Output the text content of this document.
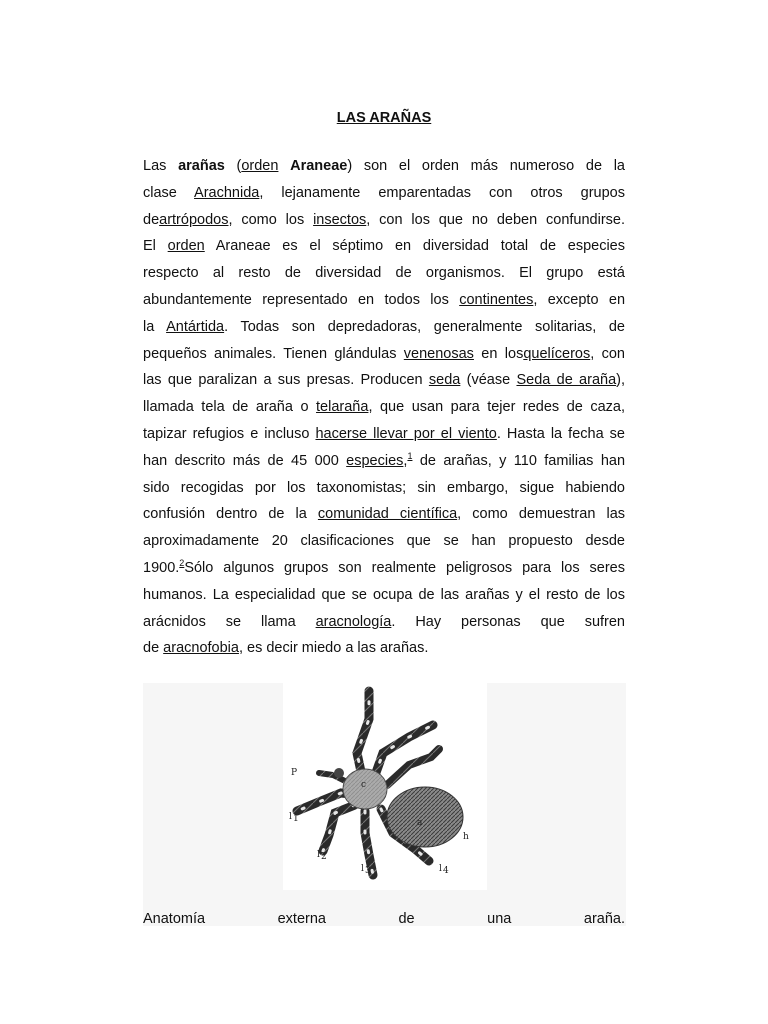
LAS ARAÑAS
Las arañas (orden Araneae) son el orden más numeroso de la
clase Arachnida, lejanamente emparentadas con otros grupos
deartrópodos, como los insectos, con los que no deben confundirse.
El orden Araneae es el séptimo en diversidad total de especies
respecto al resto de diversidad de organismos. El grupo está
abundantemente representado en todos los continentes, excepto en
la Antártida. Todas son depredadoras, generalmente solitarias, de
pequeños animales. Tienen glándulas venenosas en losquelíceros, con
las que paralizan a sus presas. Producen seda (véase Seda de araña),
llamada tela de araña o telaraña, que usan para tejer redes de caza,
tapizar refugios e incluso hacerse llevar por el viento. Hasta la fecha se
han descrito más de 45 000 especies,$^1$ de arañas, y 110 familias han
sido recogidas por los taxonomistas; sin embargo, sigue habiendo
confusión dentro de la comunidad científica, como demuestran las
aproximadamente 20 clasificaciones que se han propuesto desde
1900.$^2$Sólo algunos grupos son realmente peligrosos para los seres
humanos. La especialidad que se ocupa de las arañas y el resto de los
arácnidos se llama aracnología. Hay personas que sufren
de aracnofobia, es decir miedo a las arañas.
P
c
a
h
l 1
l 2
l 3	l 4
Anatomía externa de una araña.
